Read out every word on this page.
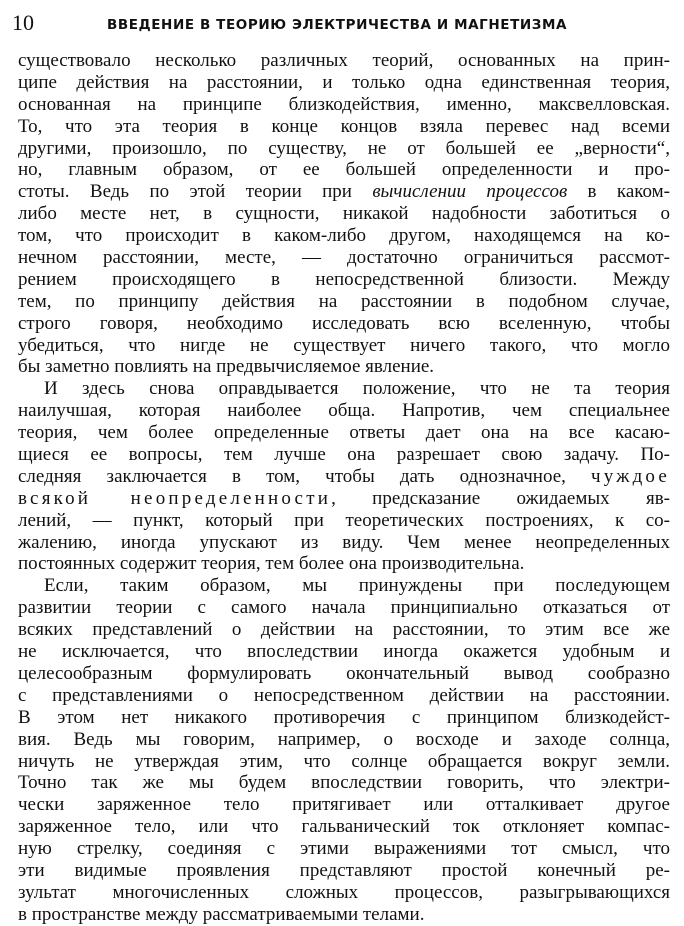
10	ВВЕДЕНИЕ В ТЕОРИЮ ЭЛЕКТРИЧЕСТВА И МАГНЕТИЗМА
существовало несколько различных теорий, основанных на прин-
ципе действия на расстоянии, и только одна единственная теория,
основанная на принципе близкодействия, именно, максвелловская.
То, что эта теория в конце концов взяла перевес над всеми
другими, произошло, по существу, не от большей ее „верности“,
но, главным образом, от ее большей определенности и про-
стоты. Ведь по этой теории при вычислении процессов в каком-
либо месте нет, в сущности, никакой надобности заботиться о
том, что происходит в каком-либо другом, находящемся на ко-
нечном расстоянии, месте, — достаточно ограничиться рассмот-
рением происходящего в непосредственной близости. Между
тем, по принципу действия на расстоянии в подобном случае,
строго говоря, необходимо исследовать всю вселенную, чтобы
убедиться, что нигде не существует ничего такого, что могло
бы заметно повлиять на предвычисляемое явление.
И здесь снова оправдывается положение, что не та теория
наилучшая, которая наиболее обща. Напротив, чем специальнее
теория, чем более определенные ответы дает она на все касаю-
щиеся ее вопросы, тем лучше она разрешает свою задачу. По-
следняя заключается в том, чтобы дать однозначное, чуждое
всякой неопределенности, предсказание ожидаемых яв-
лений, — пункт, который при теоретических построениях, к со-
жалению, иногда упускают из виду. Чем менее неопределенных
постоянных содержит теория, тем более она производительна.
Если, таким образом, мы принуждены при последующем
развитии теории с самого начала принципиально отказаться от
всяких представлений о действии на расстоянии, то этим все же
не исключается, что впоследствии иногда окажется удобным и
целесообразным формулировать окончательный вывод сообразно
с представлениями о непосредственном действии на расстоянии.
В этом нет никакого противоречия с принципом близкодейст-
вия. Ведь мы говорим, например, о восходе и заходе солнца,
ничуть не утверждая этим, что солнце обращается вокруг земли.
Точно так же мы будем впоследствии говорить, что электри-
чески заряженное тело притягивает или отталкивает другое
заряженное тело, или что гальванический ток отклоняет компас-
ную стрелку, соединяя с этими выражениями тот смысл, что
эти видимые проявления представляют простой конечный ре-
зультат многочисленных сложных процессов, разыгрывающихся
в пространстве между рассматриваемыми телами.
